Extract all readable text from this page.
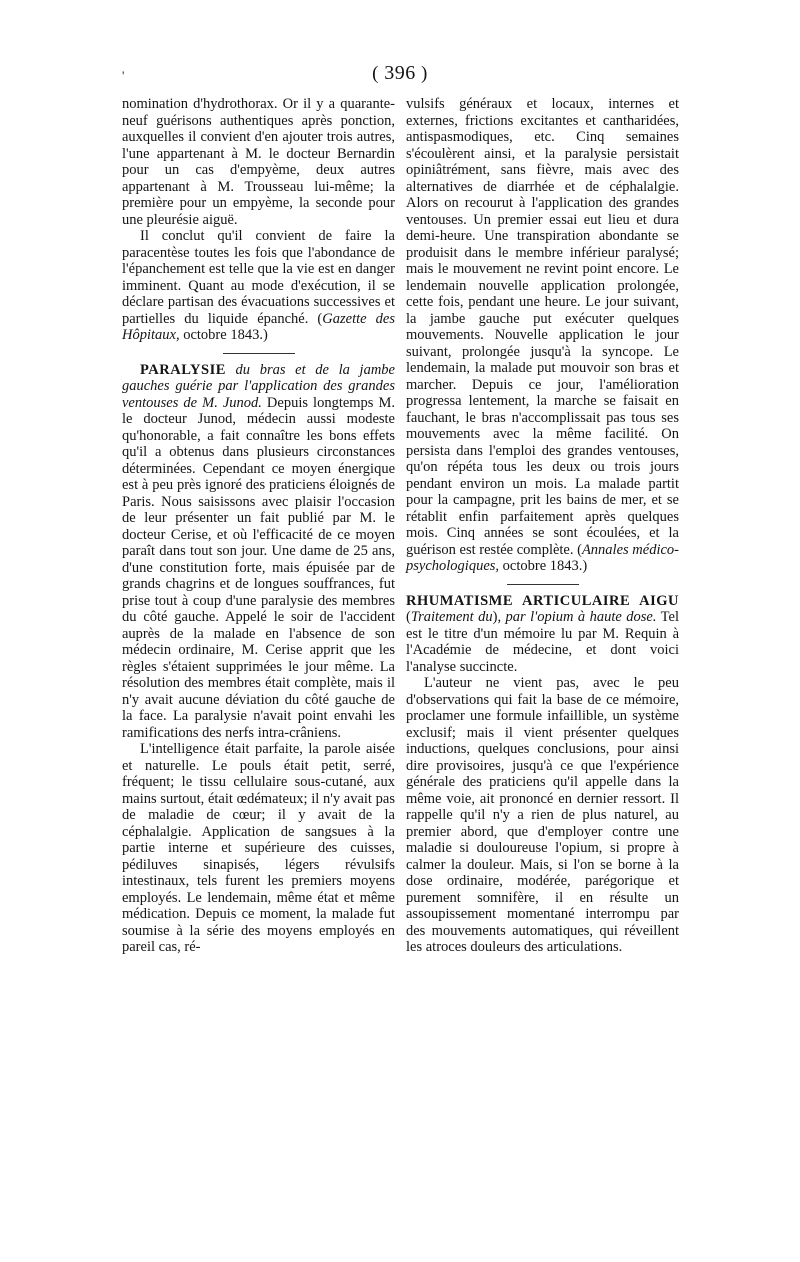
( 396 )
'

nomination d'hydrothorax. Or il y a quarante-neuf guérisons authentiques après ponction, auxquelles il convient d'en ajouter trois autres, l'une appartenant à M. le docteur Bernardin pour un cas d'empyème, deux autres appartenant à M. Trousseau lui-même; la première pour un empyème, la seconde pour une pleurésie aiguë.

Il conclut qu'il convient de faire la paracentèse toutes les fois que l'abondance de l'épanchement est telle que la vie est en danger imminent. Quant au mode d'exécution, il se déclare partisan des évacuations successives et partielles du liquide épanché. (Gazette des Hôpitaux, octobre 1843.)

PARALYSIE du bras et de la jambe gauches guérie par l'application des grandes ventouses de M. Junod. Depuis longtemps M. le docteur Junod, médecin aussi modeste qu'honorable, a fait connaître les bons effets qu'il a obtenus dans plusieurs circonstances déterminées. Cependant ce moyen énergique est à peu près ignoré des praticiens éloignés de Paris. Nous saisissons avec plaisir l'occasion de leur présenter un fait publié par M. le docteur Cerise, et où l'efficacité de ce moyen paraît dans tout son jour. Une dame de 25 ans, d'une constitution forte, mais épuisée par de grands chagrins et de longues souffrances, fut prise tout à coup d'une paralysie des membres du côté gauche. Appelé le soir de l'accident auprès de la malade en l'absence de son médecin ordinaire, M. Cerise apprit que les règles s'étaient supprimées le jour même. La résolution des membres était complète, mais il n'y avait aucune déviation du côté gauche de la face. La paralysie n'avait point envahi les ramifications des nerfs intra-crâniens.

L'intelligence était parfaite, la parole aisée et naturelle. Le pouls était petit, serré, fréquent; le tissu cellulaire sous-cutané, aux mains surtout, était œdémateux; il n'y avait pas de maladie de cœur; il y avait de la céphalalgie. Application de sangsues à la partie interne et supérieure des cuisses, pédiluves sinapisés, légers révulsifs intestinaux, tels furent les premiers moyens employés. Le lendemain, même état et même médication. Depuis ce moment, la malade fut soumise à la série des moyens employés en pareil cas, ré-

vulsifs généraux et locaux, internes et externes, frictions excitantes et cantharidées, antispasmodiques, etc. Cinq semaines s'écoulèrent ainsi, et la paralysie persistait opiniâtrément, sans fièvre, mais avec des alternatives de diarrhée et de céphalalgie. Alors on recourut à l'application des grandes ventouses. Un premier essai eut lieu et dura demi-heure. Une transpiration abondante se produisit dans le membre inférieur paralysé; mais le mouvement ne revint point encore. Le lendemain nouvelle application prolongée, cette fois, pendant une heure. Le jour suivant, la jambe gauche put exécuter quelques mouvements. Nouvelle application le jour suivant, prolongée jusqu'à la syncope. Le lendemain, la malade put mouvoir son bras et marcher. Depuis ce jour, l'amélioration progressa lentement, la marche se faisait en fauchant, le bras n'accomplissait pas tous ses mouvements avec la même facilité. On persista dans l'emploi des grandes ventouses, qu'on répéta tous les deux ou trois jours pendant environ un mois. La malade partit pour la campagne, prit les bains de mer, et se rétablit enfin parfaitement après quelques mois. Cinq années se sont écoulées, et la guérison est restée complète. (Annales médico-psychologiques, octobre 1843.)

RHUMATISME ARTICULAIRE AIGU (Traitement du), par l'opium à haute dose. Tel est le titre d'un mémoire lu par M. Requin à l'Académie de médecine, et dont voici l'analyse succincte.

L'auteur ne vient pas, avec le peu d'observations qui fait la base de ce mémoire, proclamer une formule infaillible, un système exclusif; mais il vient présenter quelques inductions, quelques conclusions, pour ainsi dire provisoires, jusqu'à ce que l'expérience générale des praticiens qu'il appelle dans la même voie, ait prononcé en dernier ressort. Il rappelle qu'il n'y a rien de plus naturel, au premier abord, que d'employer contre une maladie si douloureuse l'opium, si propre à calmer la douleur. Mais, si l'on se borne à la dose ordinaire, modérée, parégorique et purement somnifère, il en résulte un assoupissement momentané interrompu par des mouvements automatiques, qui réveillent les atroces douleurs des articulations.
